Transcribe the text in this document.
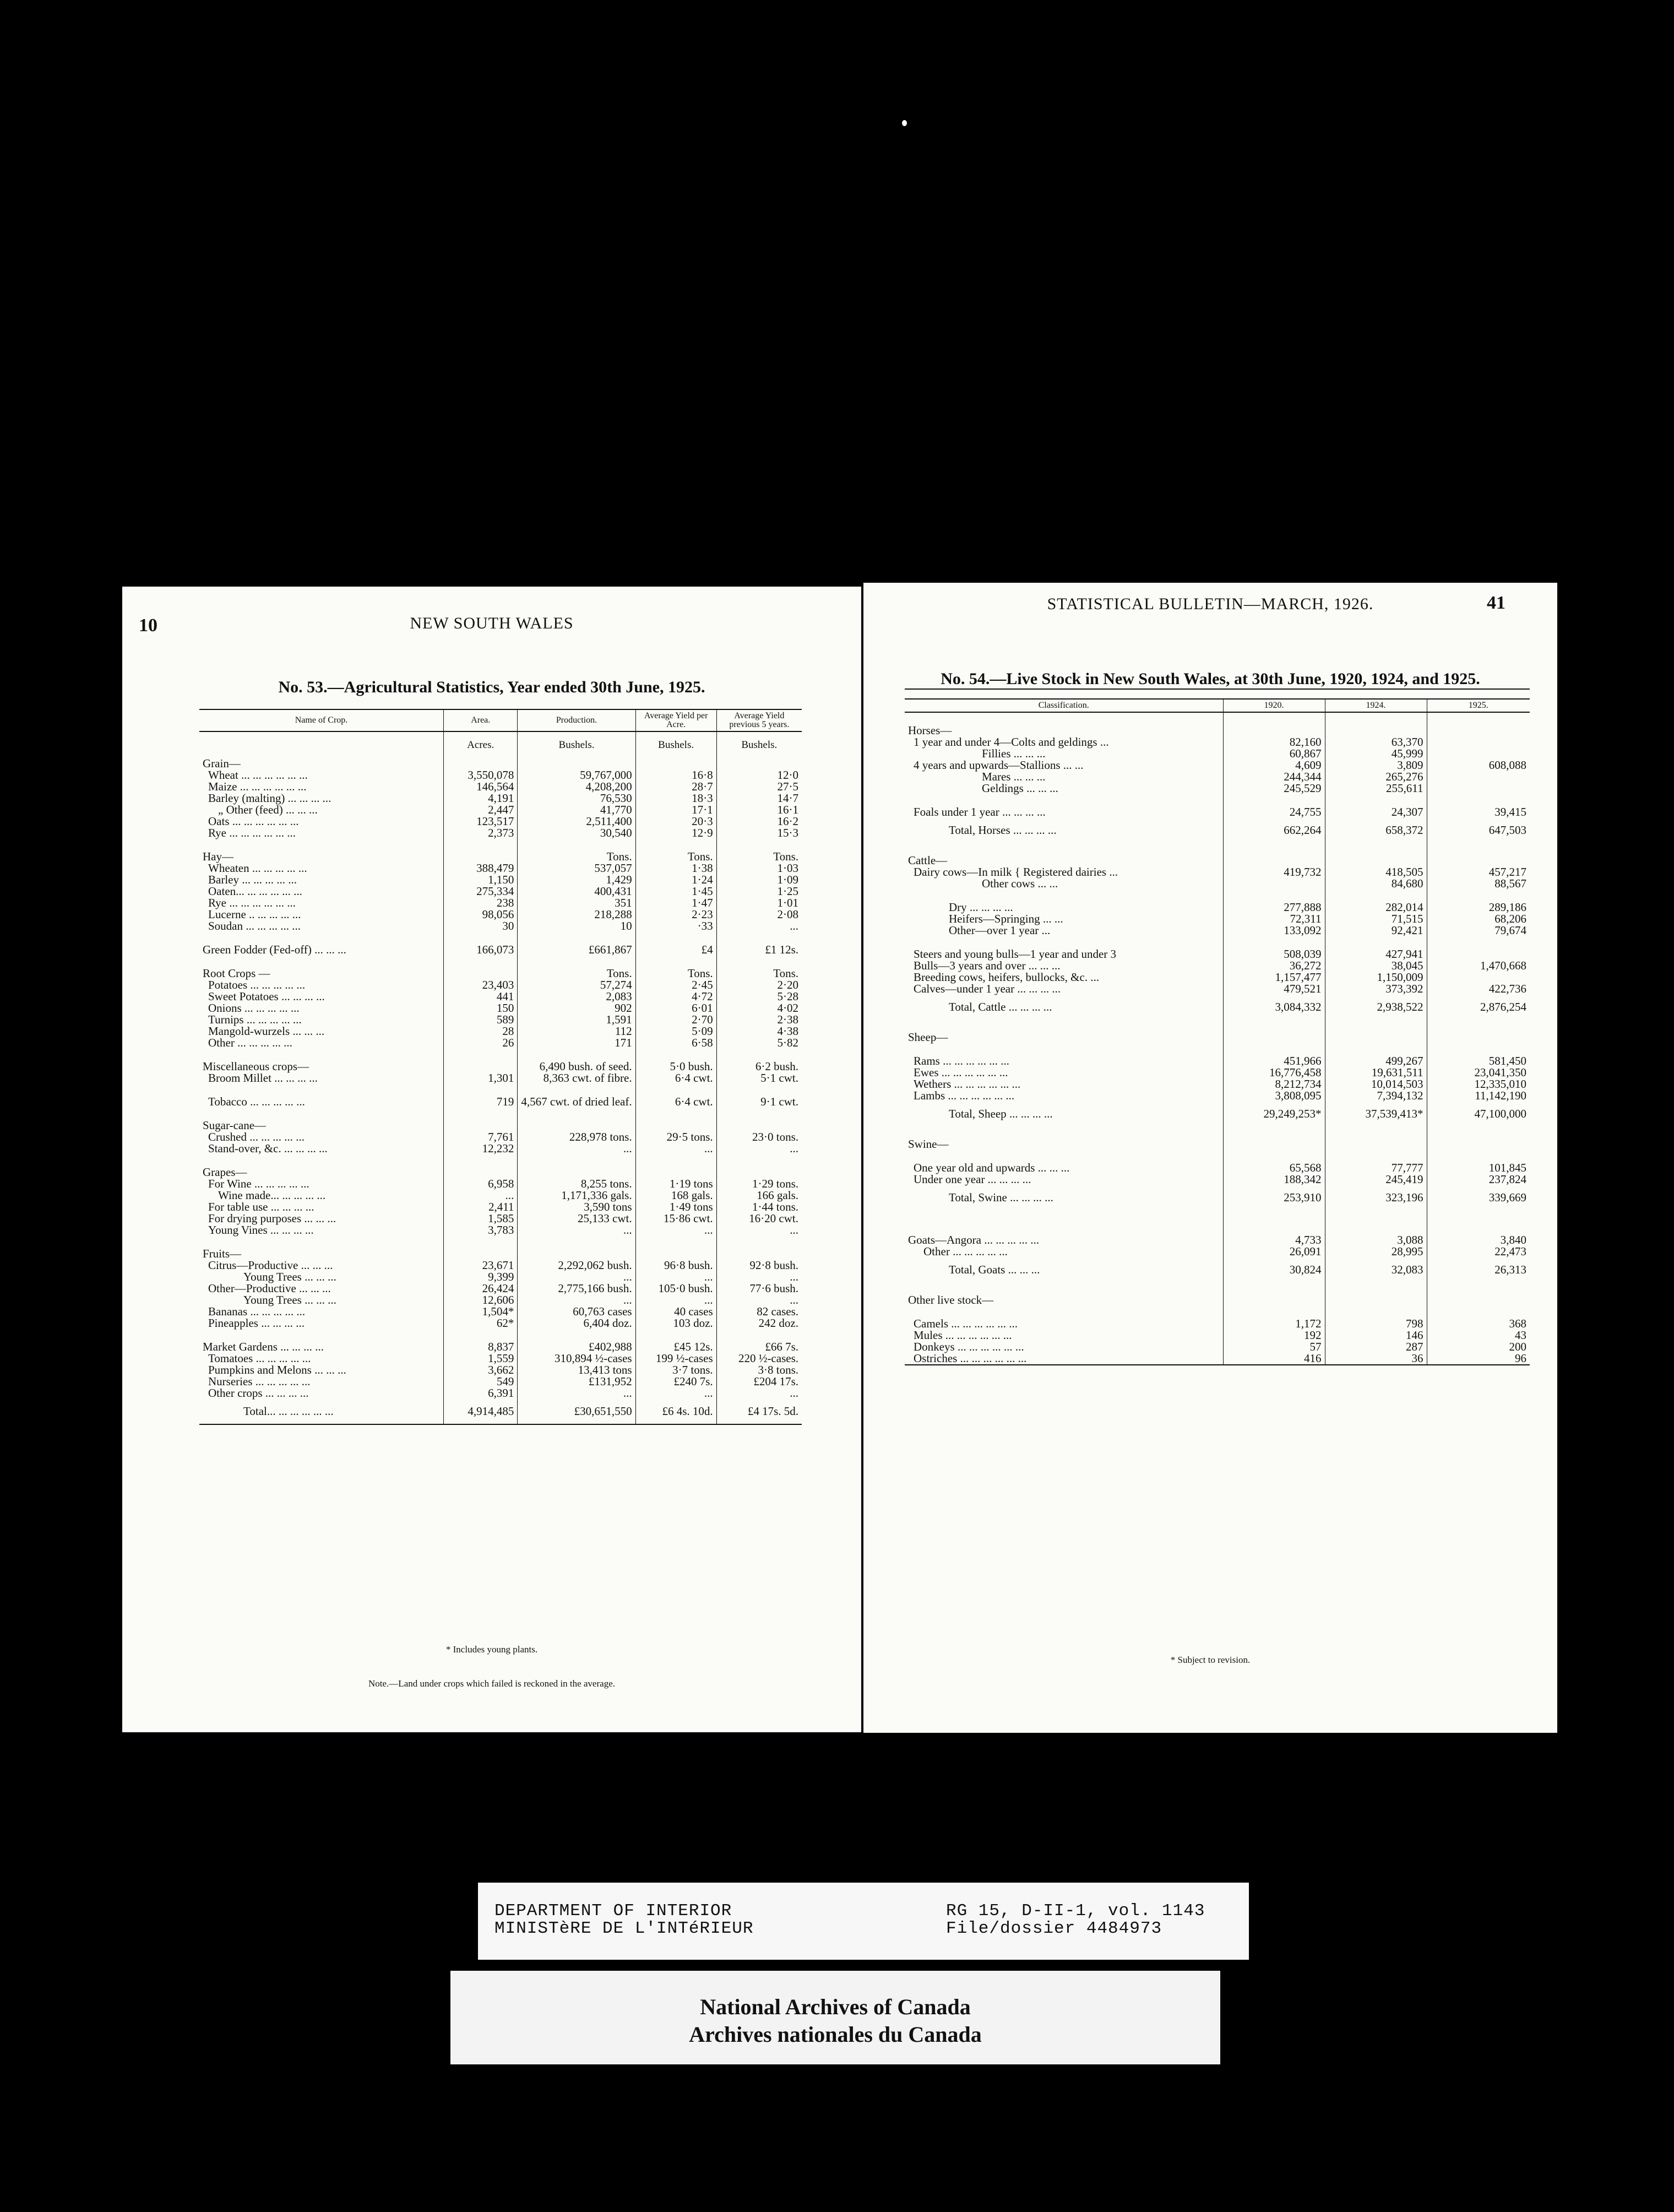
10	NEW SOUTH WALES
No. 53.—Agricultural Statistics, Year ended 30th June, 1925.
Name of Crop.	Area.	Production.	Average Yield per Acre.	Average Yield previous 5 years.
	Acres.	Bushels.	Bushels.	Bushels.
Grain—				
Wheat ... ... ... ... ... ...	3,550,078	59,767,000	16·8	12·0
Maize ... ... ... ... ... ...	146,564	4,208,200	28·7	27·5
Barley (malting) ... ... ... ...	4,191	76,530	18·3	14·7
„ Other (feed) ... ... ...	2,447	41,770	17·1	16·1
Oats ... ... ... ... ... ...	123,517	2,511,400	20·3	16·2
Rye ... ... ... ... ... ...	2,373	30,540	12·9	15·3

Hay—		Tons.	Tons.	Tons.
Wheaten ... ... ... ... ...	388,479	537,057	1·38	1·03
Barley ... ... ... ... ...	1,150	1,429	1·24	1·09
Oaten... ... ... ... ... ...	275,334	400,431	1·45	1·25
Rye ... ... ... ... ... ...	238	351	1·47	1·01
Lucerne .. ... ... ... ...	98,056	218,288	2·23	2·08
Soudan ... ... ... ... ...	30	10	·33	...

Green Fodder (Fed-off) ... ... ...	166,073	£661,867	£4	£1 12s.

Root Crops —		Tons.	Tons.	Tons.
Potatoes ... ... ... ... ...	23,403	57,274	2·45	2·20
Sweet Potatoes ... ... ... ...	441	2,083	4·72	5·28
Onions ... ... ... ... ...	150	902	6·01	4·02
Turnips ... ... ... ... ...	589	1,591	2·70	2·38
Mangold-wurzels ... ... ...	28	112	5·09	4·38
Other ... ... ... ... ...	26	171	6·58	5·82

Miscellaneous crops—		6,490 bush. of seed.	5·0 bush.	6·2 bush.
Broom Millet ... ... ... ...	1,301	8,363 cwt. of fibre.	6·4 cwt.	5·1 cwt.

Tobacco ... ... ... ... ...	719	4,567 cwt. of dried leaf.	6·4 cwt.	9·1 cwt.

Sugar-cane—				
Crushed ... ... ... ... ...	7,761	228,978 tons.	29·5 tons.	23·0 tons.
Stand-over, &c. ... ... ... ...	12,232	...	...	...

Grapes—				
For Wine ... ... ... ... ...	6,958	8,255 tons.	1·19 tons	1·29 tons.
Wine made... ... ... ... ...	...	1,171,336 gals.	168 gals.	166 gals.
For table use ... ... ... ...	2,411	3,590 tons	1·49 tons	1·44 tons.
For drying purposes ... ... ...	1,585	25,133 cwt.	15·86 cwt.	16·20 cwt.
Young Vines ... ... ... ...	3,783	...	...	...

Fruits—				
Citrus—Productive ... ... ...	23,671	2,292,062 bush.	96·8 bush.	92·8 bush.
Young Trees ... ... ...	9,399	...	...	...
Other—Productive ... ... ...	26,424	2,775,166 bush.	105·0 bush.	77·6 bush.
Young Trees ... ... ...	12,606	...	...	...
Bananas ... ... ... ... ...	1,504*	60,763 cases	40 cases	82 cases.
Pineapples ... ... ... ...	62*	6,404 doz.	103 doz.	242 doz.

Market Gardens ... ... ... ...	8,837	£402,988	£45 12s.	£66 7s.
Tomatoes ... ... ... ... ...	1,559	310,894 ½-cases	199 ½-cases	220 ½-cases.
Pumpkins and Melons ... ... ...	3,662	13,413 tons	3·7 tons.	3·8 tons.
Nurseries ... ... ... ... ...	549	£131,952	£240 7s.	£204 17s.
Other crops ... ... ... ...	6,391	...	...	...
Total... ... ... ... ... ...	4,914,485	£30,651,550	£6 4s. 10d.	£4 17s. 5d.
* Includes young plants.
Note.—Land under crops which failed is reckoned in the average.
STATISTICAL BULLETIN—MARCH, 1926.	41
No. 54.—Live Stock in New South Wales, at 30th June, 1920, 1924, and 1925.
Classification.	1920.	1924.	1925.

Horses—			
1 year and under 4—Colts and geldings ...	82,160	63,370	
Fillies ... ... ...	60,867	45,999	
4 years and upwards—Stallions ... ...	4,609	3,809	608,088
Mares ... ... ...	244,344	265,276	
Geldings ... ... ...	245,529	255,611	

Foals under 1 year ... ... ... ...	24,755	24,307	39,415
Total, Horses ... ... ... ...	662,264	658,372	647,503

Cattle—			
Dairy cows—In milk { Registered dairies ...	419,732	418,505	457,217
Other cows ... ...		84,680	88,567

Dry ... ... ... ...	277,888	282,014	289,186
Heifers—Springing ... ...	72,311	71,515	68,206
Other—over 1 year ...	133,092	92,421	79,674

Steers and young bulls—1 year and under 3	508,039	427,941	
Bulls—3 years and over ... ... ...	36,272	38,045	1,470,668
Breeding cows, heifers, bullocks, &c. ...	1,157,477	1,150,009	
Calves—under 1 year ... ... ... ...	479,521	373,392	422,736
Total, Cattle ... ... ... ...	3,084,332	2,938,522	2,876,254

Sheep—			

Rams ... ... ... ... ... ...	451,966	499,267	581,450
Ewes ... ... ... ... ... ...	16,776,458	19,631,511	23,041,350
Wethers ... ... ... ... ... ...	8,212,734	10,014,503	12,335,010
Lambs ... ... ... ... ... ...	3,808,095	7,394,132	11,142,190
Total, Sheep ... ... ... ...	29,249,253*	37,539,413*	47,100,000

Swine—			

One year old and upwards ... ... ...	65,568	77,777	101,845
Under one year ... ... ... ...	188,342	245,419	237,824
Total, Swine ... ... ... ...	253,910	323,196	339,669

Goats—Angora ... ... ... ... ...	4,733	3,088	3,840
Other ... ... ... ... ...	26,091	28,995	22,473
Total, Goats ... ... ...	30,824	32,083	26,313

Other live stock—			

Camels ... ... ... ... ... ...	1,172	798	368
Mules ... ... ... ... ... ...	192	146	43
Donkeys ... ... ... ... ... ...	57	287	200
Ostriches ... ... ... ... ... ...	416	36	96
* Subject to revision.
DEPARTMENT OF INTERIOR
MINISTèRE DE L'INTéRIEUR
RG 15, D-II-1, vol. 1143
File/dossier 4484973
National Archives of Canada
Archives nationales du Canada
